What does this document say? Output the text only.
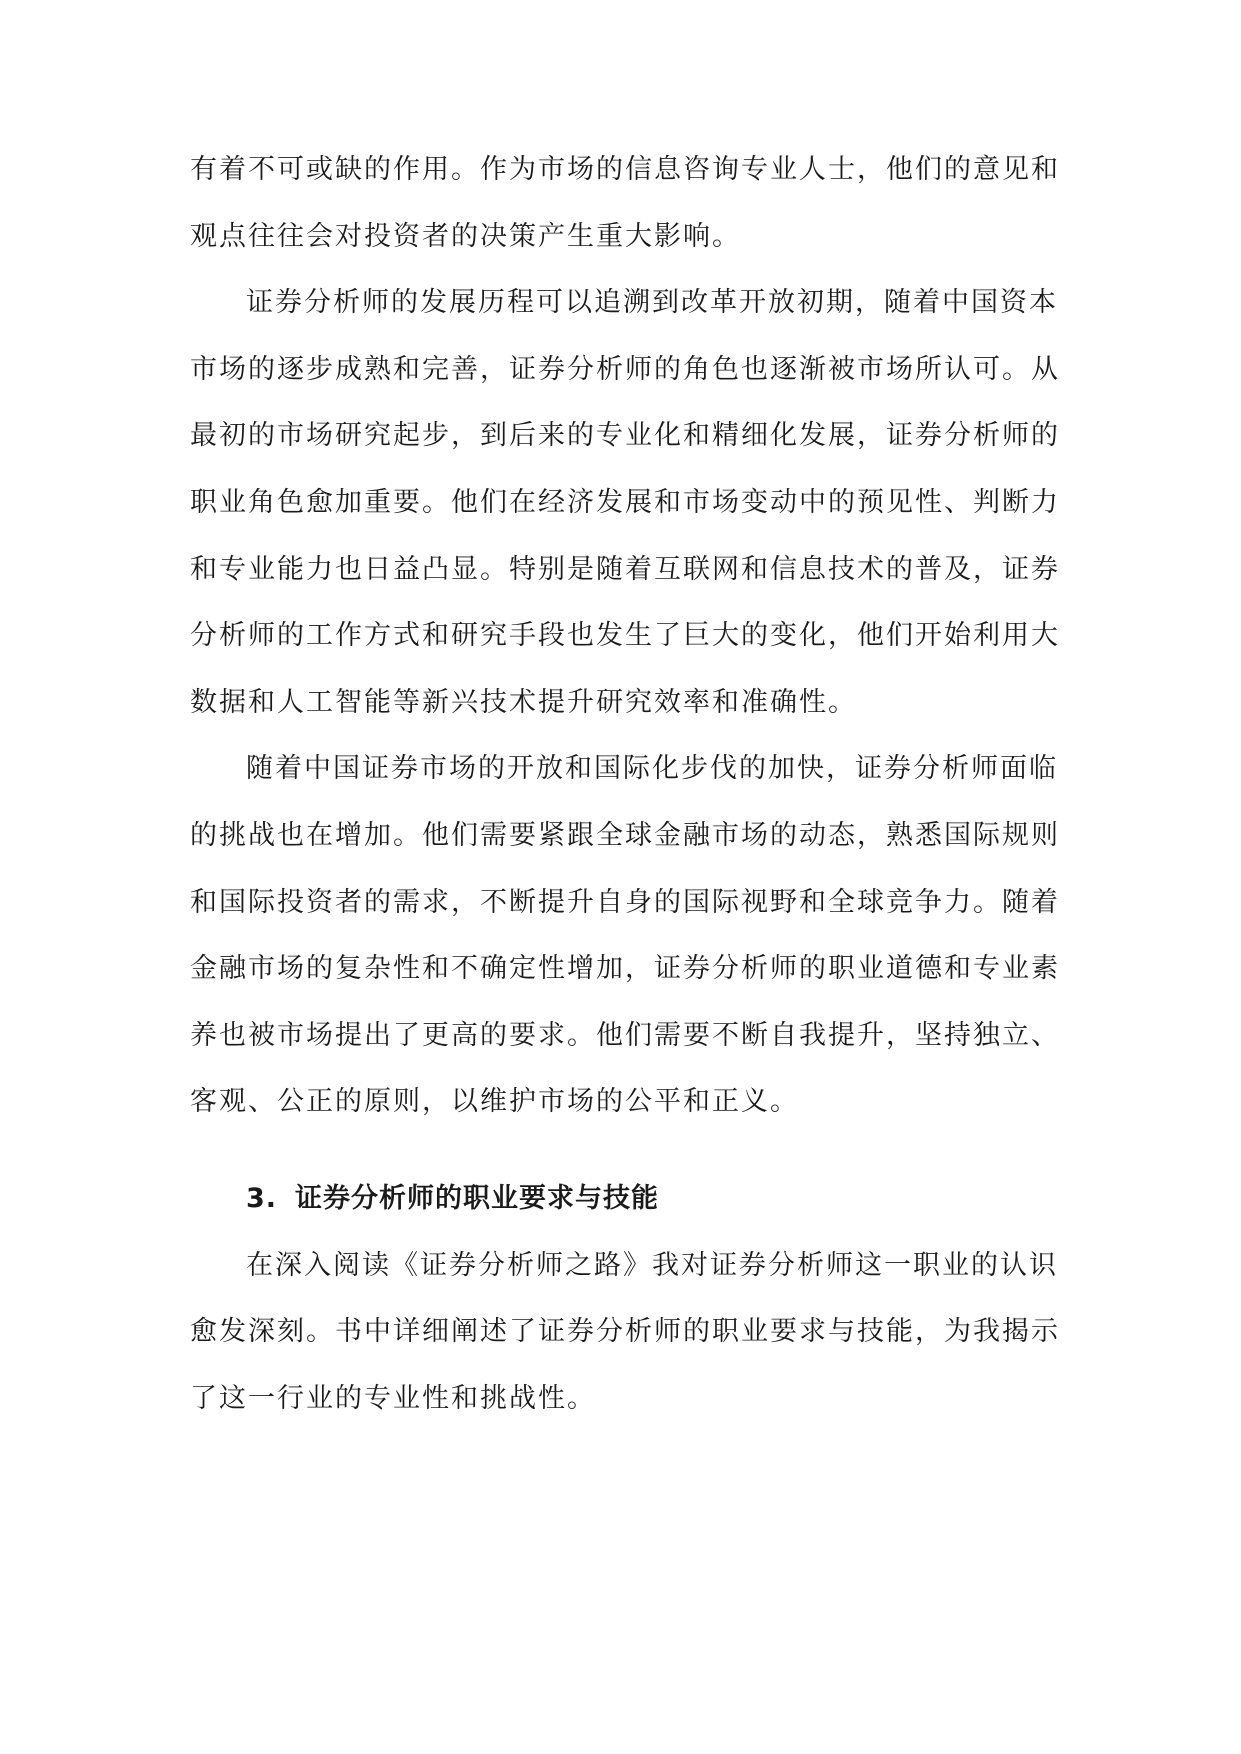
有着不可或缺的作用。作为市场的信息咨询专业人士，他们的意见和
观点往往会对投资者的决策产生重大影响。
证券分析师的发展历程可以追溯到改革开放初期，随着中国资本
市场的逐步成熟和完善，证券分析师的角色也逐渐被市场所认可。从
最初的市场研究起步，到后来的专业化和精细化发展，证券分析师的
职业角色愈加重要。他们在经济发展和市场变动中的预见性、判断力
和专业能力也日益凸显。特别是随着互联网和信息技术的普及，证券
分析师的工作方式和研究手段也发生了巨大的变化，他们开始利用大
数据和人工智能等新兴技术提升研究效率和准确性。
随着中国证券市场的开放和国际化步伐的加快，证券分析师面临
的挑战也在增加。他们需要紧跟全球金融市场的动态，熟悉国际规则
和国际投资者的需求，不断提升自身的国际视野和全球竞争力。随着
金融市场的复杂性和不确定性增加，证券分析师的职业道德和专业素
养也被市场提出了更高的要求。他们需要不断自我提升，坚持独立、
客观、公正的原则，以维护市场的公平和正义。
3. 证券分析师的职业要求与技能
在深入阅读《证券分析师之路》我对证券分析师这一职业的认识
愈发深刻。书中详细阐述了证券分析师的职业要求与技能，为我揭示
了这一行业的专业性和挑战性。
